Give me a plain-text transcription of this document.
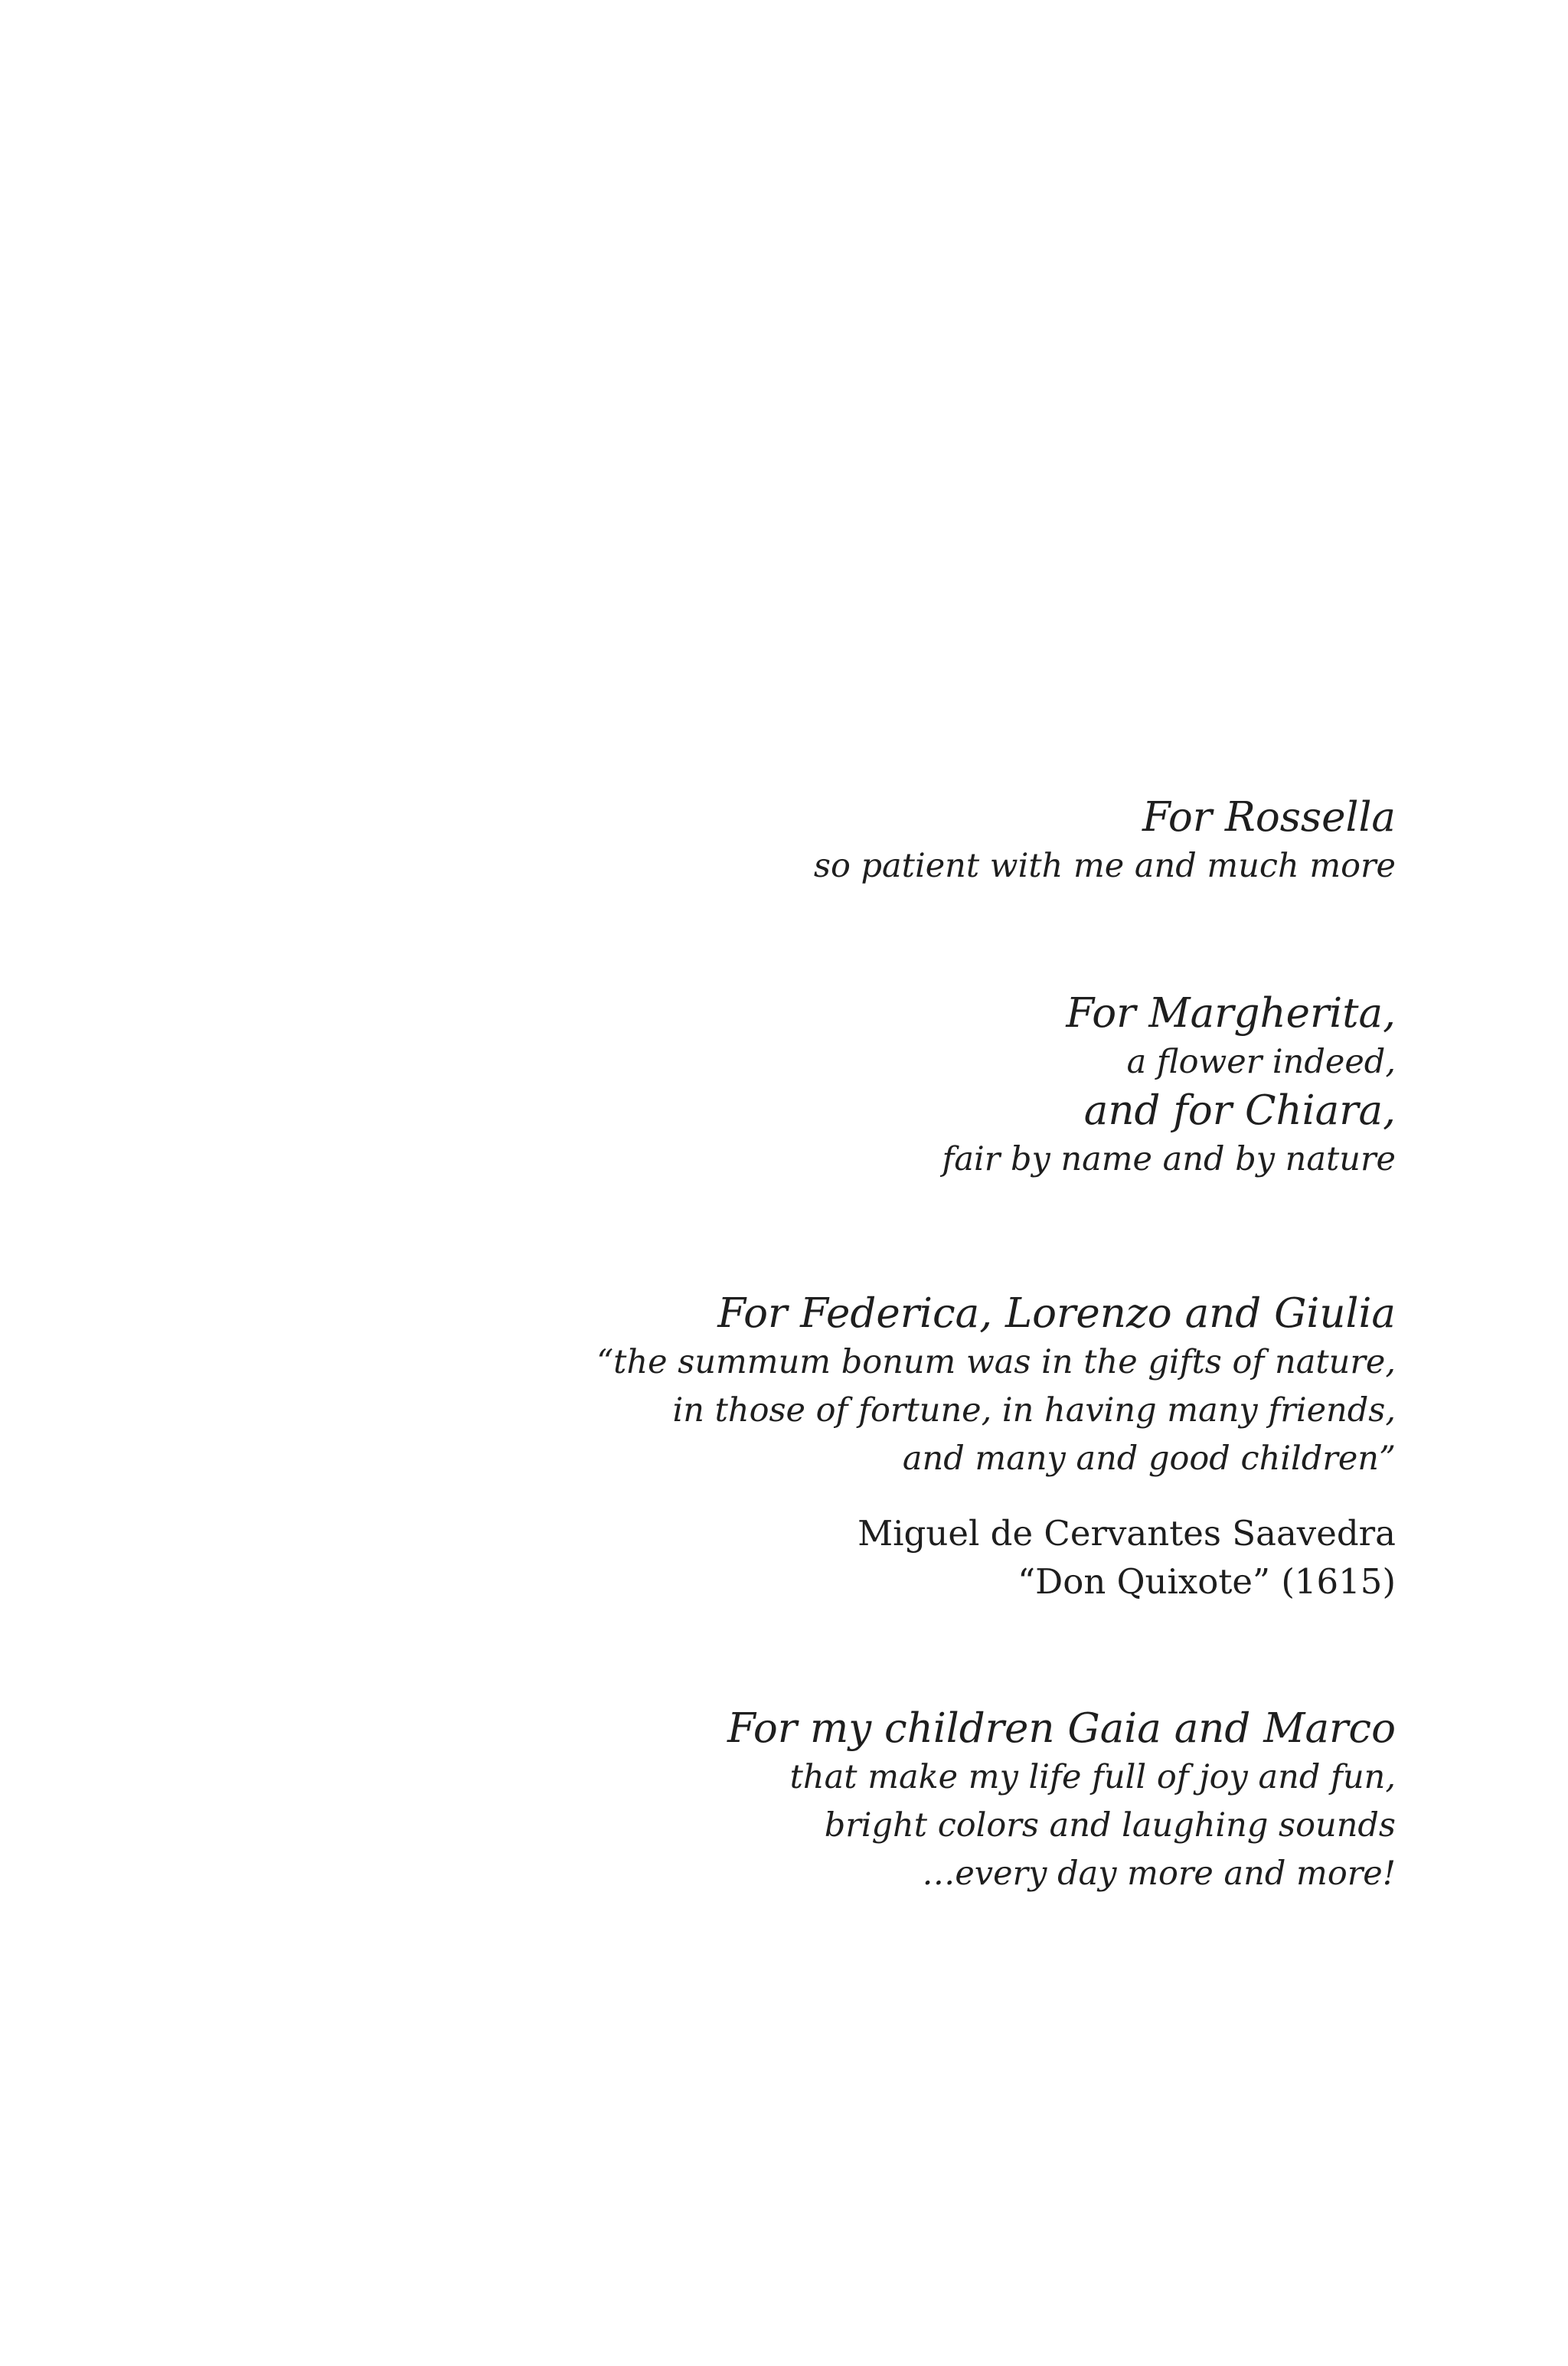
For Rossella
so patient with me and much more
For Margherita,
a flower indeed,
and for Chiara,
fair by name and by nature
For Federica, Lorenzo and Giulia
“the summum bonum was in the gifts of nature,
in those of fortune, in having many friends,
and many and good children”
Miguel de Cervantes Saavedra
“Don Quixote” (1615)
For my children Gaia and Marco
that make my life full of joy and fun,
bright colors and laughing sounds
…every day more and more!
